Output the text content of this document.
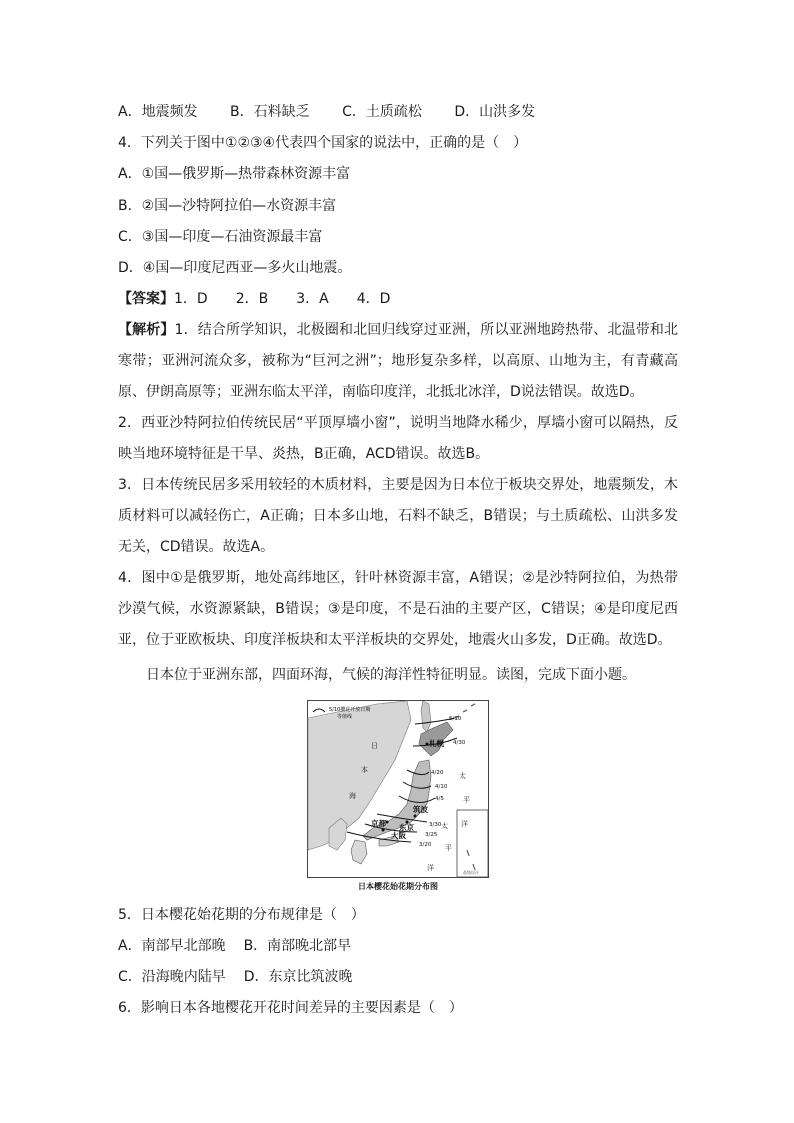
A．地震频发 B．石料缺乏 C．土质疏松 D．山洪多发
4．下列关于图中①②③④代表四个国家的说法中，正确的是（　）
A．①国—俄罗斯—热带森林资源丰富
B．②国—沙特阿拉伯—水资源丰富
C．③国—印度—石油资源最丰富
D．④国—印度尼西亚—多火山地震。
【答案】1．D 2．B 3．A 4．D

【解析】1．结合所学知识，北极圈和北回归线穿过亚洲，所以亚洲地跨热带、北温带和北寒带；亚洲河流众多，被称为“巨河之洲”；地形复杂多样，以高原、山地为主，有青藏高原、伊朗高原等；亚洲东临太平洋，南临印度洋，北抵北冰洋，D说法错误。故选D。

2．西亚沙特阿拉伯传统民居“平顶厚墙小窗”，说明当地降水稀少，厚墙小窗可以隔热，反映当地环境特征是干旱、炎热，B正确，ACD错误。故选B。

3．日本传统民居多采用较轻的木质材料，主要是因为日本位于板块交界处，地震频发，木质材料可以减轻伤亡，A正确；日本多山地，石料不缺乏，B错误；与土质疏松、山洪多发无关，CD错误。故选A。

4．图中①是俄罗斯，地处高纬地区，针叶林资源丰富，A错误；②是沙特阿拉伯，为热带沙漠气候，水资源紧缺，B错误；③是印度，不是石油的主要产区，C错误；④是印度尼西亚，位于亚欧板块、印度洋板块和太平洋板块的交界处，地震火山多发，D正确。故选D。

日本位于亚洲东部，四面环海，气候的海洋性特征明显。读图，完成下面小题。
5/10樱花开放日期
等值线	5/10
4/30
4/20
4/10
4/5
3/30
3/25
3/20
札幌
筑波
东京
京都
大阪
日
本
海
太
平
洋
太
平
洋
品级设计
日本樱花始花期分布图
5．日本樱花始花期的分布规律是（　）
A．南部早北部晚 B．南部晚北部早
C．沿海晚内陆早 D．东京比筑波晚
6．影响日本各地樱花开花时间差异的主要因素是（　）
